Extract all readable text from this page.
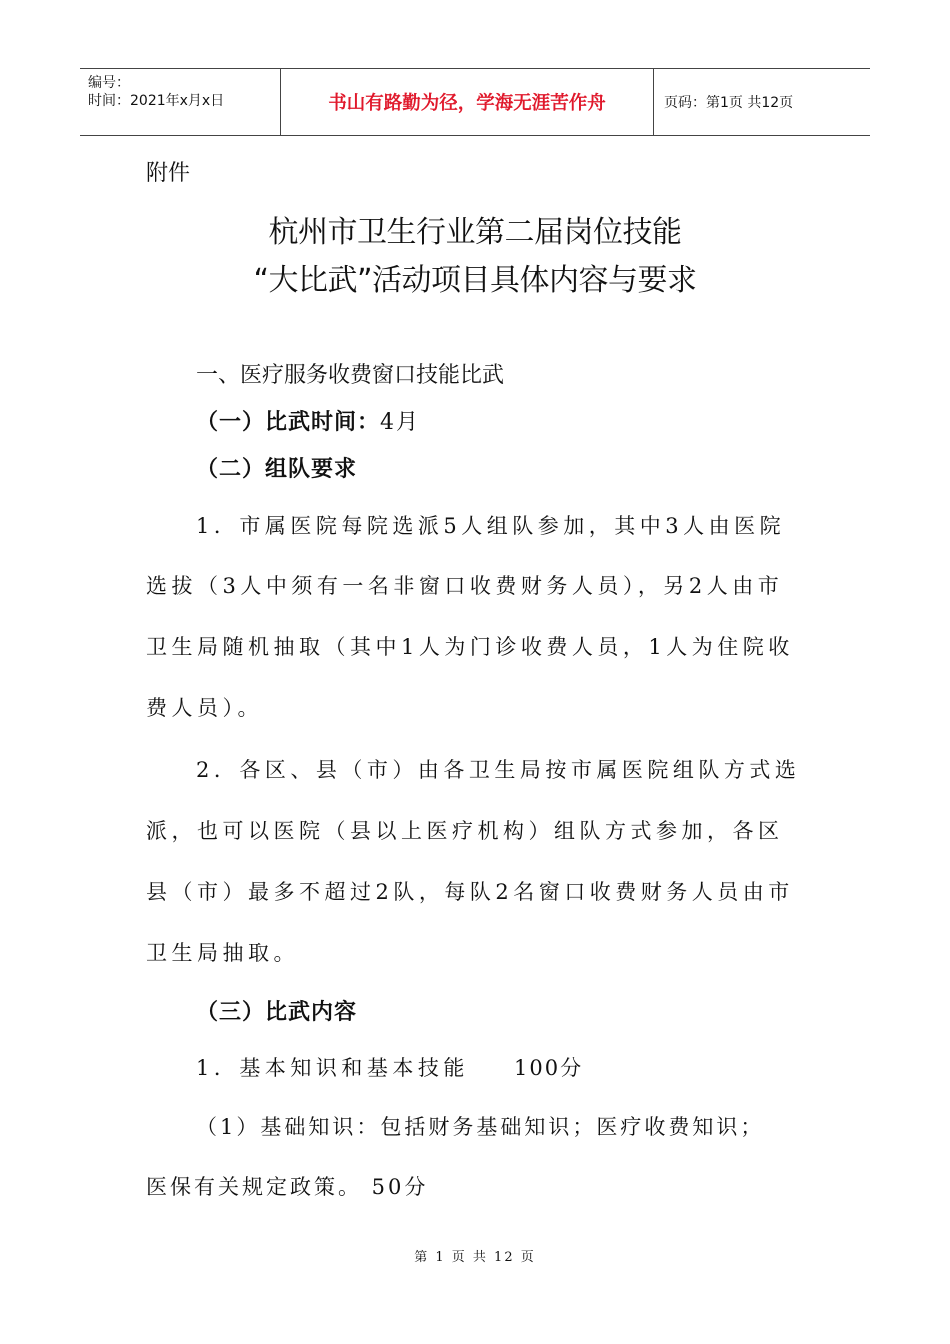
编号：
时间：2021年x月x日	书山有路勤为径，学海无涯苦作舟	页码：第1页 共12页
附件
杭州市卫生行业第二届岗位技能
“大比武”活动项目具体内容与要求
一、医疗服务收费窗口技能比武
（一）比武时间：4月
（二）组队要求
1．市属医院每院选派5人组队参加，其中3人由医院
选拔（3人中须有一名非窗口收费财务人员），另2人由市
卫生局随机抽取（其中1人为门诊收费人员，1人为住院收
费人员）。
2．各区、县（市）由各卫生局按市属医院组队方式选
派，也可以医院（县以上医疗机构）组队方式参加，各区
县（市）最多不超过2队，每队2名窗口收费财务人员由市
卫生局抽取。
（三）比武内容
1．基本知识和基本技能 100分
（1）基础知识：包括财务基础知识；医疗收费知识；
医保有关规定政策。 50分
第 1 页 共 12 页
